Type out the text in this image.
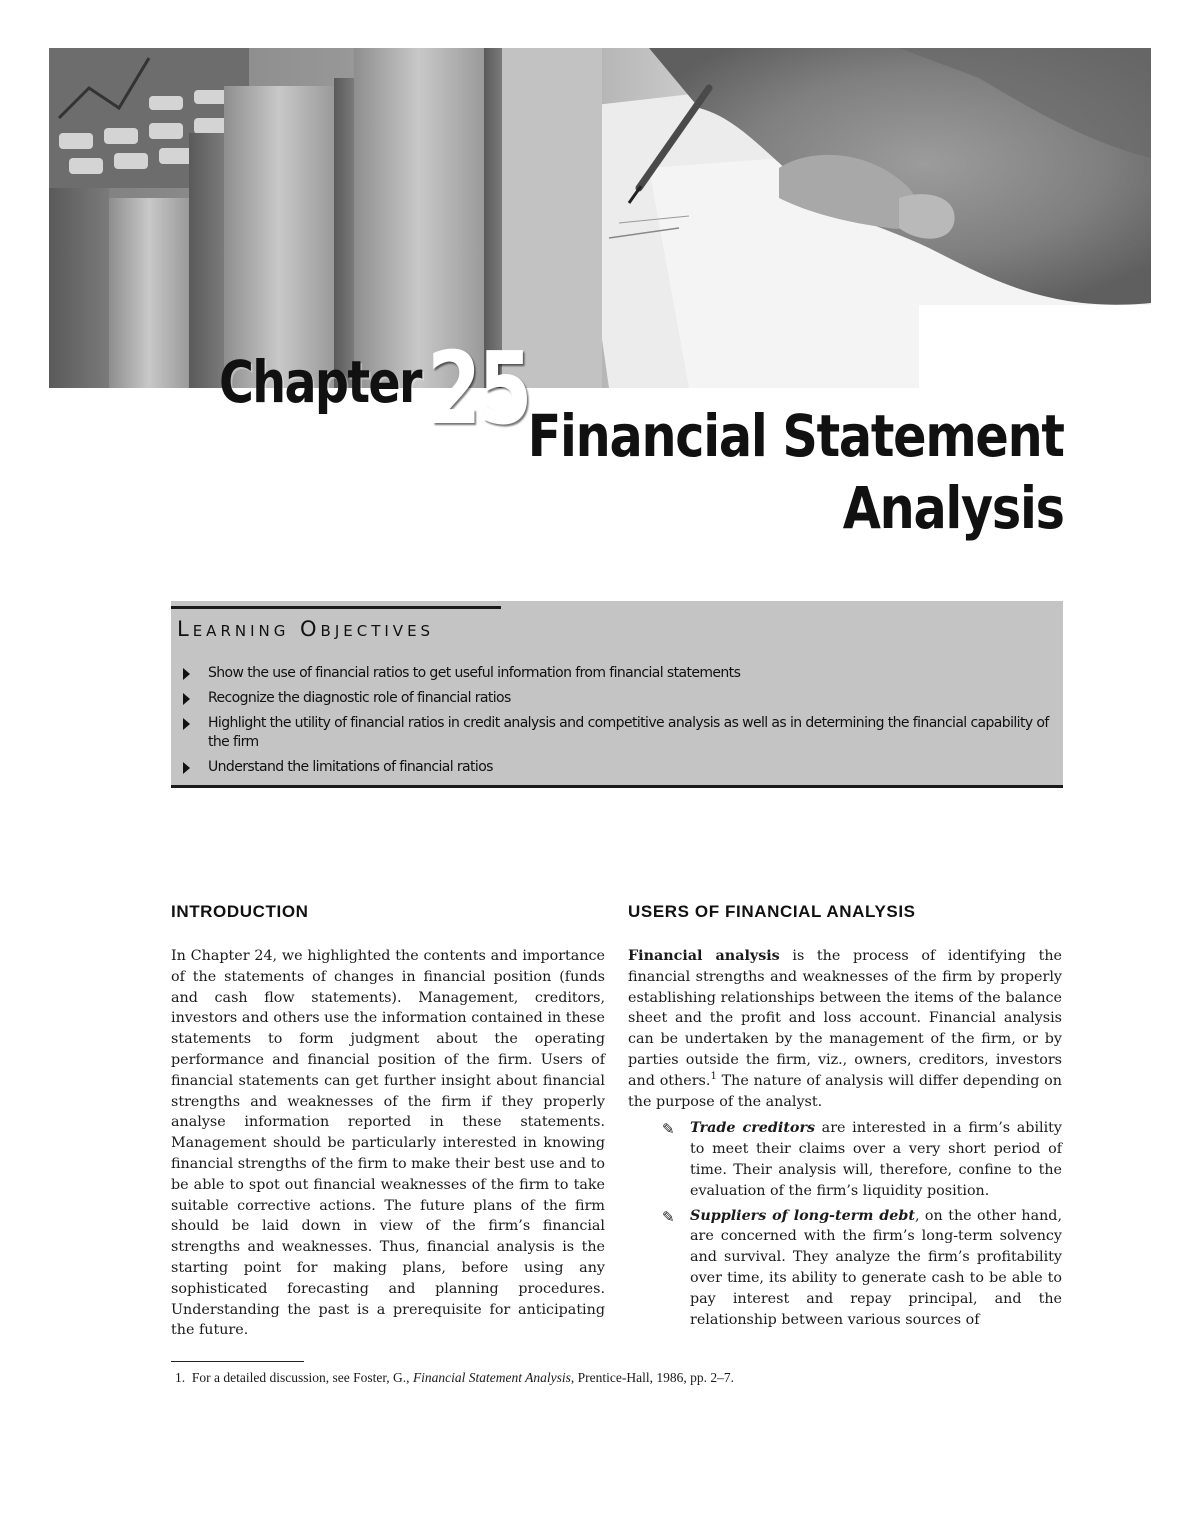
Chapter 25
Financial Statement
Analysis
Learning Objectives
Show the use of financial ratios to get useful information from financial statements
Recognize the diagnostic role of financial ratios
Highlight the utility of financial ratios in credit analysis and competitive analysis as well as in determining the financial capability of the firm
Understand the limitations of financial ratios
INTRODUCTION

In Chapter 24, we highlighted the contents and importance of the statements of changes in financial position (funds and cash flow statements). Management, creditors, investors and others use the information contained in these statements to form judgment about the operating performance and financial position of the firm. Users of financial statements can get further insight about financial strengths and weaknesses of the firm if they properly analyse information reported in these statements. Management should be particularly interested in knowing financial strengths of the firm to make their best use and to be able to spot out financial weaknesses of the firm to take suitable corrective actions. The future plans of the firm should be laid down in view of the firm’s financial strengths and weaknesses. Thus, financial analysis is the starting point for making plans, before using any sophisticated forecasting and planning procedures. Understanding the past is a prerequisite for anticipating the future.

USERS OF FINANCIAL ANALYSIS

Financial analysis is the process of identifying the financial strengths and weaknesses of the firm by properly establishing relationships between the items of the balance sheet and the profit and loss account. Financial analysis can be undertaken by the management of the firm, or by parties outside the firm, viz., owners, creditors, investors and others.$^1$ The nature of analysis will differ depending on the purpose of the analyst.

✎ Trade creditors are interested in a firm’s ability to meet their claims over a very short period of time. Their analysis will, therefore, confine to the evaluation of the firm’s liquidity position.
✎ Suppliers of long-term debt, on the other hand, are concerned with the firm’s long-term solvency and survival. They analyze the firm’s profitability over time, its ability to generate cash to be able to pay interest and repay principal, and the relationship between various sources of
1. For a detailed discussion, see Foster, G., Financial Statement Analysis, Prentice-Hall, 1986, pp. 2–7.
